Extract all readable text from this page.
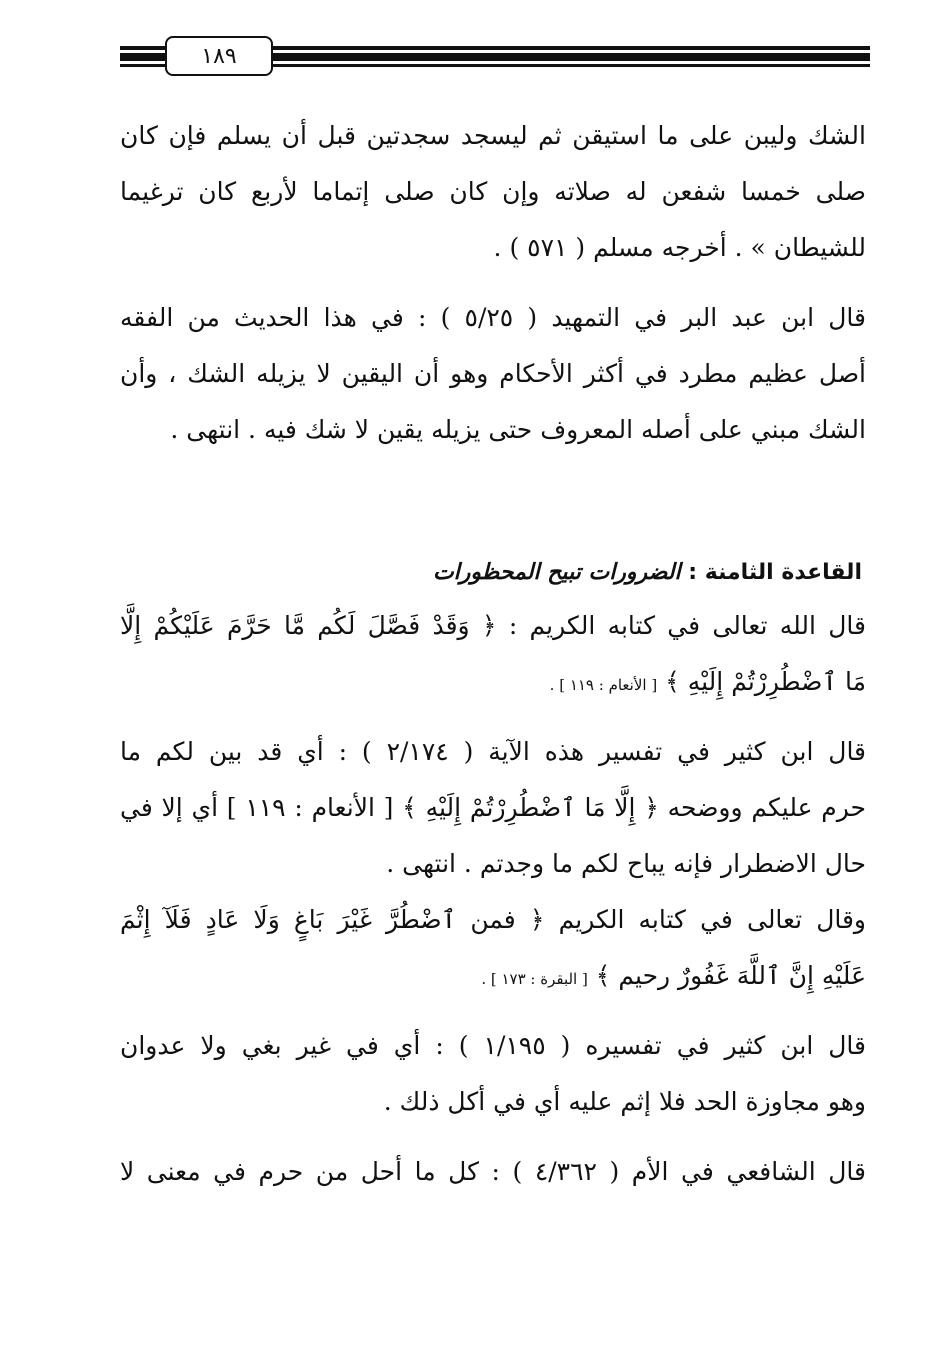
١٨٩
الشك وليبن على ما استيقن ثم ليسجد سجدتين قبل أن يسلم فإن كان
صلى خمسا شفعن له صلاته وإن كان صلى إتماما لأربع كان ترغيما
للشيطان » . أخرجه مسلم ( ٥٧١ ) .
قال ابن عبد البر في التمهيد ( ٥/٢٥ ) : في هذا الحديث من الفقه
أصل عظيم مطرد في أكثر الأحكام وهو أن اليقين لا يزيله الشك ، وأن
الشك مبني على أصله المعروف حتى يزيله يقين لا شك فيه . انتهى .
القاعدة الثامنة : الضرورات تبيح المحظورات
قال الله تعالى في كتابه الكريم : ﴿ وَقَدْ فَصَّلَ لَكُم مَّا حَرَّمَ عَلَيْكُمْ إِلَّا
مَا ٱضْطُرِرْتُمْ إِلَيْهِ ﴾ [ الأنعام : ١١٩ ] .
قال ابن كثير في تفسير هذه الآية ( ٢/١٧٤ ) : أي قد بين لكم ما
حرم عليكم ووضحه ﴿ إِلَّا مَا ٱضْطُرِرْتُمْ إِلَيْهِ ﴾ [ الأنعام : ١١٩ ] أي إلا في
حال الاضطرار فإنه يباح لكم ما وجدتم . انتهى .
وقال تعالى في كتابه الكريم ﴿ فمن ٱضْطُرَّ غَيْرَ بَاغٍ وَلَا عَادٍ فَلَآ إِثْمَ
عَلَيْهِ إِنَّ ٱللَّهَ غَفُورٌ رحيم ﴾ [ البقرة : ١٧٣ ] .
قال ابن كثير في تفسيره ( ١/١٩٥ ) : أي في غير بغي ولا عدوان
وهو مجاوزة الحد فلا إثم عليه أي في أكل ذلك .
قال الشافعي في الأم ( ٤/٣٦٢ ) : كل ما أحل من حرم في معنى لا
